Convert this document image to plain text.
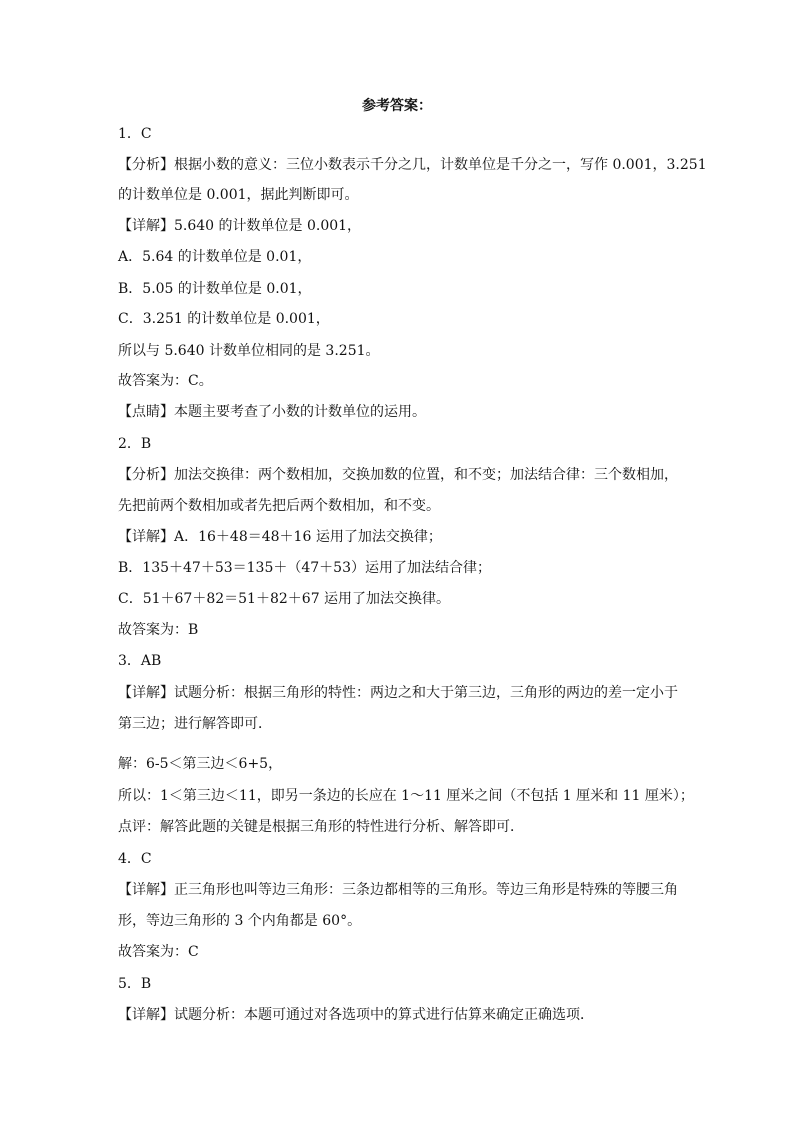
参考答案：
1．C
【分析】根据小数的意义：三位小数表示千分之几，计数单位是千分之一，写作 0.001，3.251
的计数单位是 0.001，据此判断即可。
【详解】5.640 的计数单位是 0.001，
A．5.64 的计数单位是 0.01，
B．5.05 的计数单位是 0.01，
C．3.251 的计数单位是 0.001，
所以与 5.640 计数单位相同的是 3.251。
故答案为：C。
【点睛】本题主要考查了小数的计数单位的运用。
2．B
【分析】加法交换律：两个数相加，交换加数的位置，和不变；加法结合律：三个数相加，
先把前两个数相加或者先把后两个数相加，和不变。
【详解】A．16＋48＝48＋16 运用了加法交换律；
B．135＋47＋53＝135＋（47＋53）运用了加法结合律；
C．51＋67＋82＝51＋82＋67 运用了加法交换律。
故答案为：B
3．AB
【详解】试题分析：根据三角形的特性：两边之和大于第三边，三角形的两边的差一定小于
第三边；进行解答即可．
解：6-5＜第三边＜6+5，
所以：1＜第三边＜11，即另一条边的长应在 1～11 厘米之间（不包括 1 厘米和 11 厘米）；
点评：解答此题的关键是根据三角形的特性进行分析、解答即可．
4．C
【详解】正三角形也叫等边三角形：三条边都相等的三角形。等边三角形是特殊的等腰三角
形，等边三角形的 3 个内角都是 60°。
故答案为：C
5．B
【详解】试题分析：本题可通过对各选项中的算式进行估算来确定正确选项．
